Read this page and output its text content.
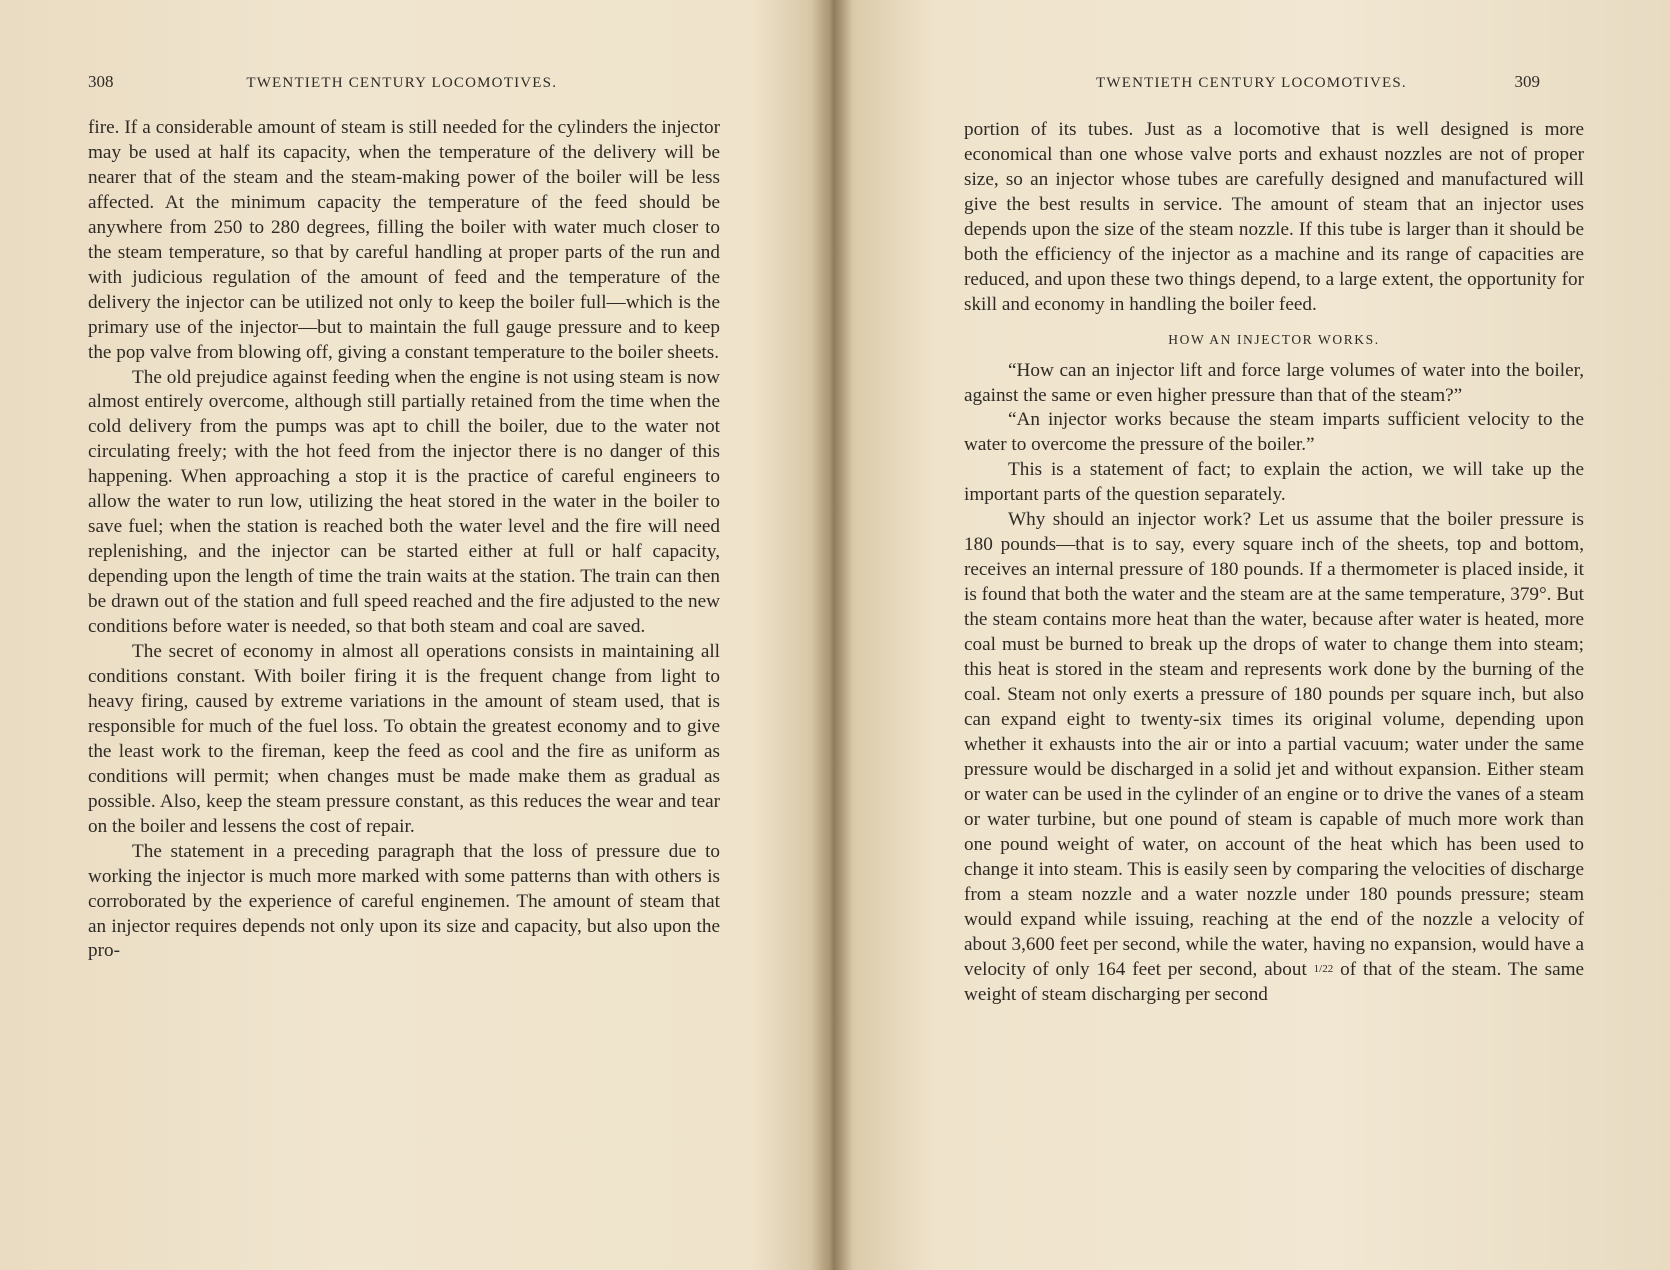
308	TWENTIETH CENTURY LOCOMOTIVES.

fire. If a considerable amount of steam is still needed for the cylinders the injector may be used at half its capacity, when the temperature of the delivery will be nearer that of the steam and the steam-making power of the boiler will be less affected. At the minimum capacity the temperature of the feed should be anywhere from 250 to 280 degrees, filling the boiler with water much closer to the steam temperature, so that by careful handling at proper parts of the run and with judicious regulation of the amount of feed and the temperature of the delivery the injector can be utilized not only to keep the boiler full—which is the primary use of the injector—but to maintain the full gauge pressure and to keep the pop valve from blowing off, giving a constant temperature to the boiler sheets.

The old prejudice against feeding when the engine is not using steam is now almost entirely overcome, although still partially retained from the time when the cold delivery from the pumps was apt to chill the boiler, due to the water not circulating freely; with the hot feed from the injector there is no danger of this happening. When approaching a stop it is the practice of careful engineers to allow the water to run low, utilizing the heat stored in the water in the boiler to save fuel; when the station is reached both the water level and the fire will need replenishing, and the injector can be started either at full or half capacity, depending upon the length of time the train waits at the station. The train can then be drawn out of the station and full speed reached and the fire adjusted to the new conditions before water is needed, so that both steam and coal are saved.

The secret of economy in almost all operations consists in maintaining all conditions constant. With boiler firing it is the frequent change from light to heavy firing, caused by extreme variations in the amount of steam used, that is responsible for much of the fuel loss. To obtain the greatest economy and to give the least work to the fireman, keep the feed as cool and the fire as uniform as conditions will permit; when changes must be made make them as gradual as possible. Also, keep the steam pressure constant, as this reduces the wear and tear on the boiler and lessens the cost of repair.

The statement in a preceding paragraph that the loss of pressure due to working the injector is much more marked with some patterns than with others is corroborated by the experience of careful enginemen. The amount of steam that an injector requires depends not only upon its size and capacity, but also upon the pro-

TWENTIETH CENTURY LOCOMOTIVES.	309

portion of its tubes. Just as a locomotive that is well designed is more economical than one whose valve ports and exhaust nozzles are not of proper size, so an injector whose tubes are carefully designed and manufactured will give the best results in service. The amount of steam that an injector uses depends upon the size of the steam nozzle. If this tube is larger than it should be both the efficiency of the injector as a machine and its range of capacities are reduced, and upon these two things depend, to a large extent, the opportunity for skill and economy in handling the boiler feed.

HOW AN INJECTOR WORKS.

“How can an injector lift and force large volumes of water into the boiler, against the same or even higher pressure than that of the steam?”

“An injector works because the steam imparts sufficient velocity to the water to overcome the pressure of the boiler.”

This is a statement of fact; to explain the action, we will take up the important parts of the question separately.

Why should an injector work? Let us assume that the boiler pressure is 180 pounds—that is to say, every square inch of the sheets, top and bottom, receives an internal pressure of 180 pounds. If a thermometer is placed inside, it is found that both the water and the steam are at the same temperature, 379°. But the steam contains more heat than the water, because after water is heated, more coal must be burned to break up the drops of water to change them into steam; this heat is stored in the steam and represents work done by the burning of the coal. Steam not only exerts a pressure of 180 pounds per square inch, but also can expand eight to twenty-six times its original volume, depending upon whether it exhausts into the air or into a partial vacuum; water under the same pressure would be discharged in a solid jet and without expansion. Either steam or water can be used in the cylinder of an engine or to drive the vanes of a steam or water turbine, but one pound of steam is capable of much more work than one pound weight of water, on account of the heat which has been used to change it into steam. This is easily seen by comparing the velocities of discharge from a steam nozzle and a water nozzle under 180 pounds pressure; steam would expand while issuing, reaching at the end of the nozzle a velocity of about 3,600 feet per second, while the water, having no expansion, would have a velocity of only 164 feet per second, about 1/22 of that of the steam. The same weight of steam discharging per second
